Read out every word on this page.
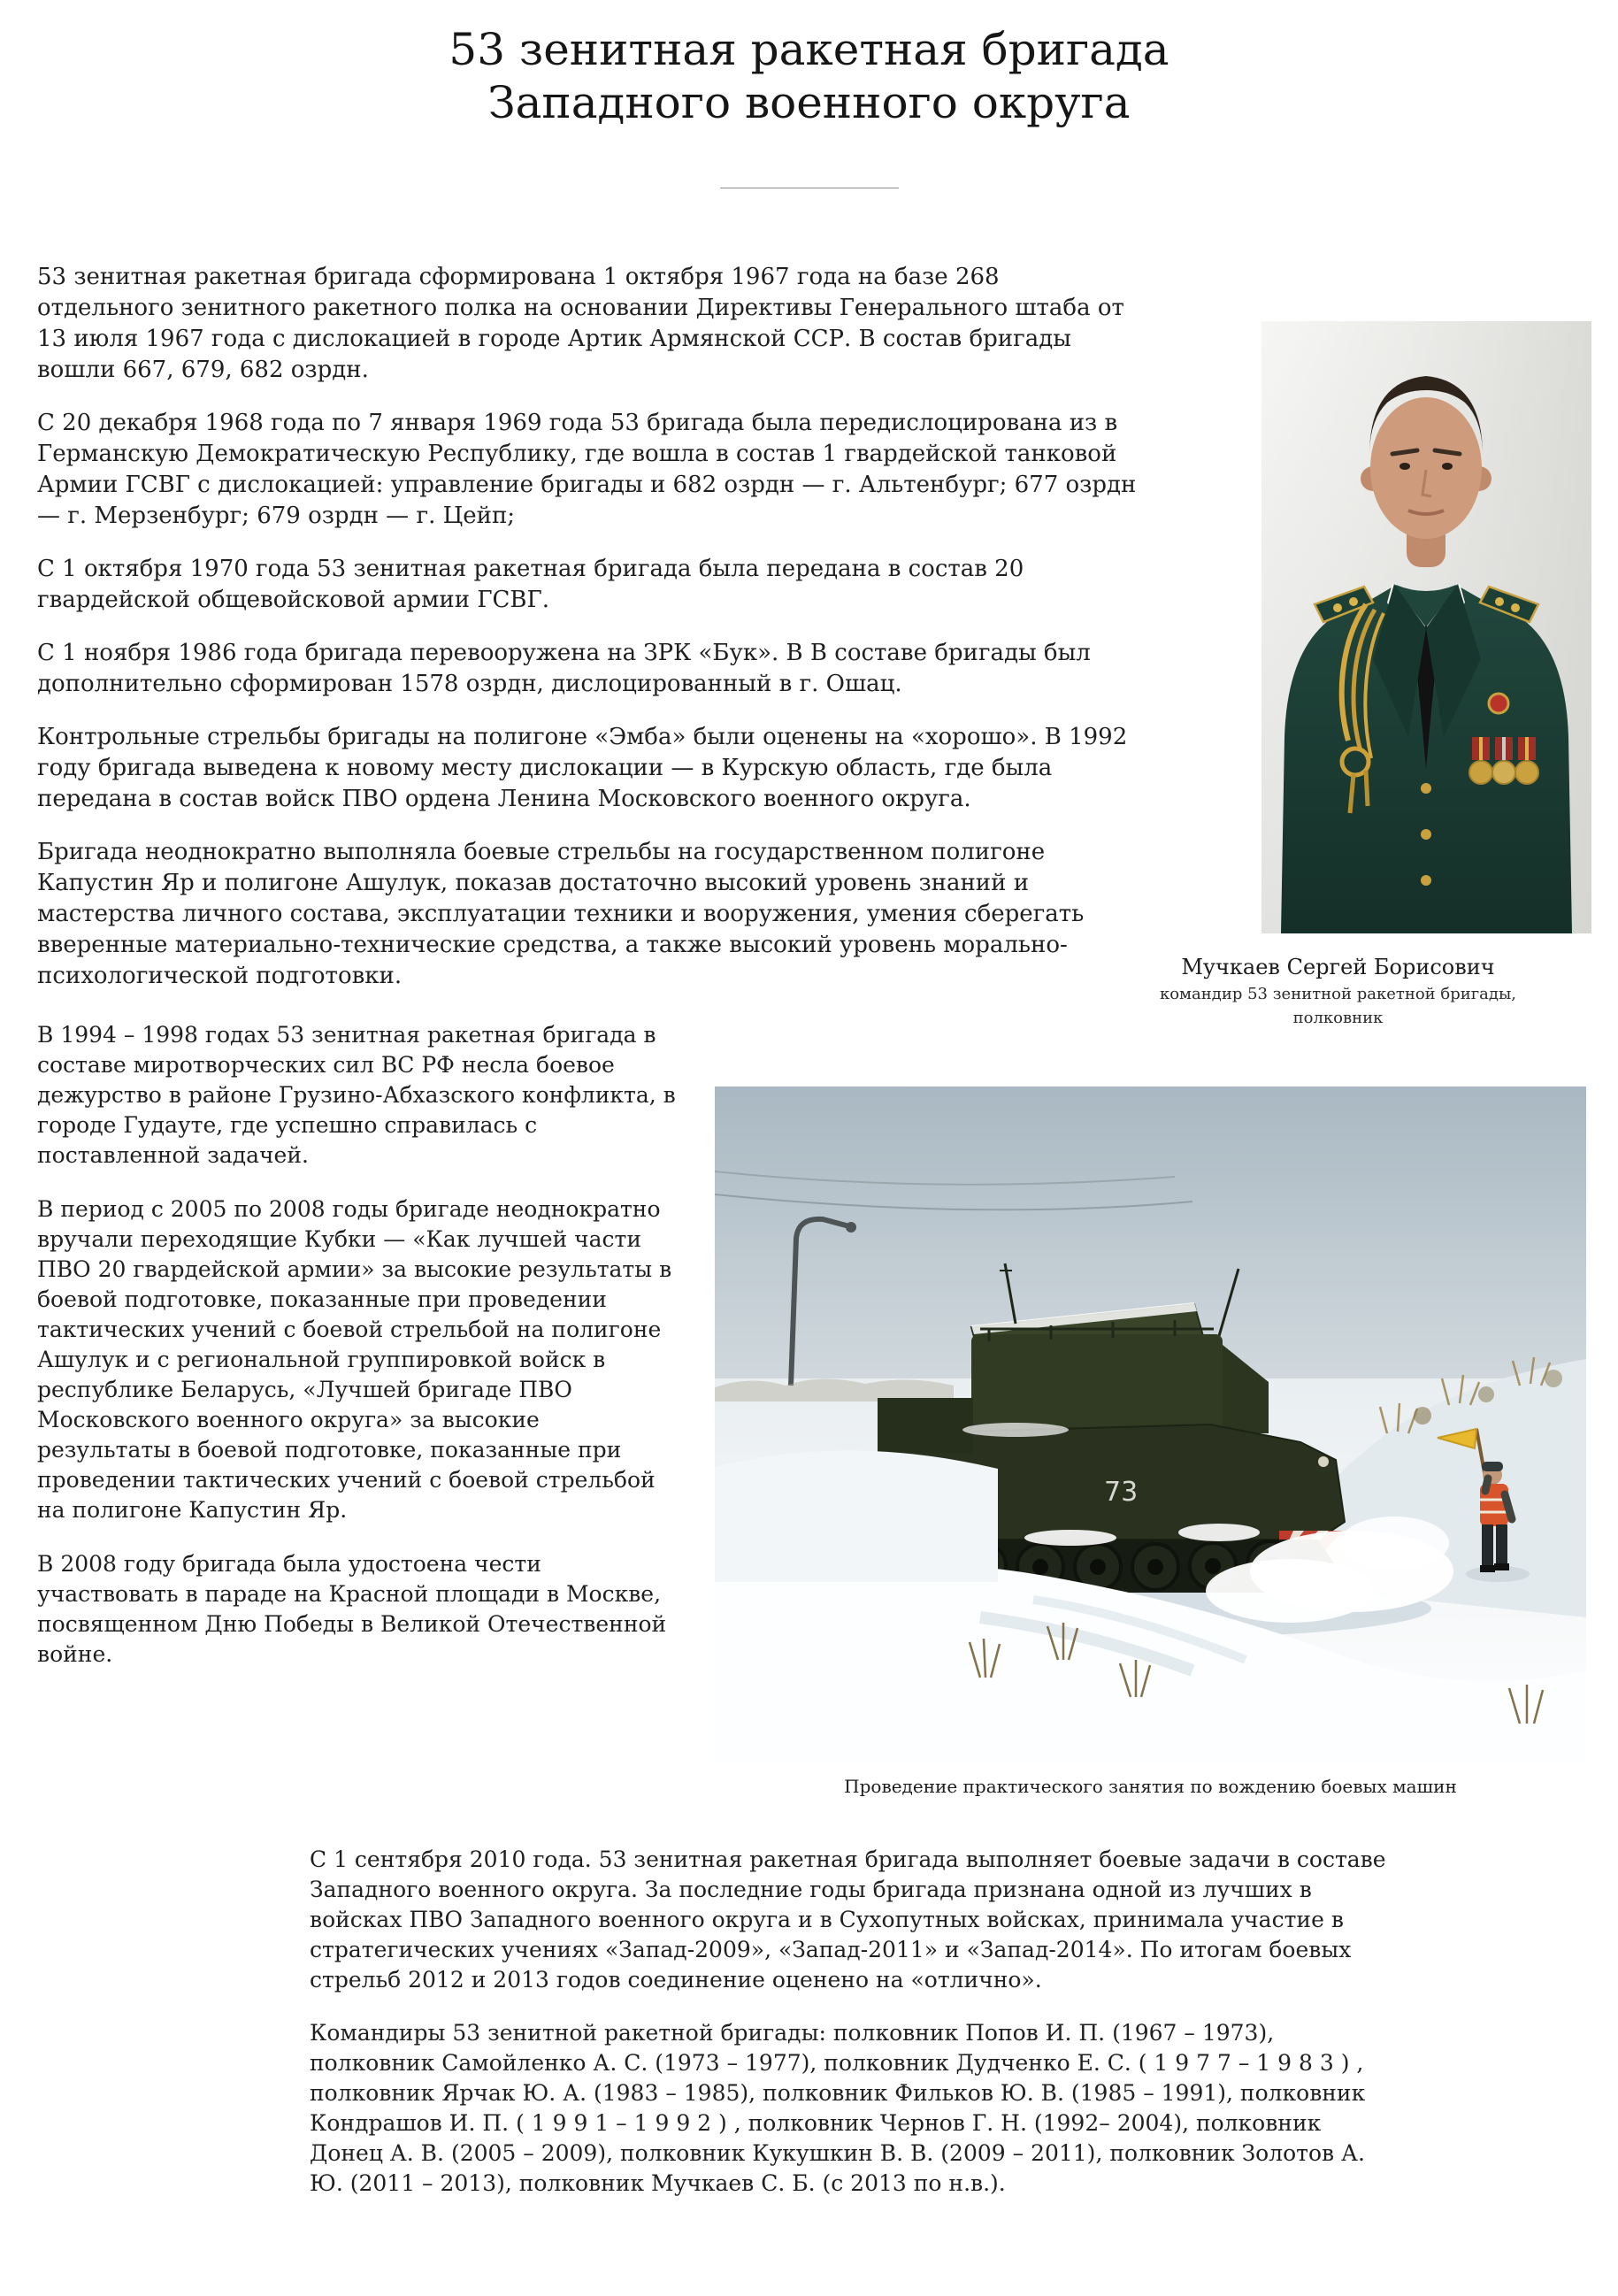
53 зенитная ракетная бригада
Западного военного округа

53 зенитная ракетная бригада сформирована 1 октября 1967 года на базе 268 отдельного зенитного ракетного полка на основании Директивы Генерального штаба от 13 июля 1967 года с дислокацией в городе Артик Армянской ССР. В состав бригады вошли 667, 679, 682 озрдн.

С 20 декабря 1968 года по 7 января 1969 года 53 бригада была передислоцирована из в Германскую Демократическую Республику, где вошла в состав 1 гвардейской танковой Армии ГСВГ с дислокацией: управление бригады и 682 озрдн — г. Альтенбург; 677 озрдн — г. Мерзенбург; 679 озрдн — г. Цейп;

С 1 октября 1970 года 53 зенитная ракетная бригада была передана в состав 20 гвардейской общевойсковой армии ГСВГ.

С 1 ноября 1986 года бригада перевооружена на ЗРК «Бук». В В составе бригады был дополнительно сформирован 1578 озрдн, дислоцированный в г. Ошац.

Контрольные стрельбы бригады на полигоне «Эмба» были оценены на «хорошо». В 1992 году бригада выведена к новому месту дислокации — в Курскую область, где была передана в состав войск ПВО ордена Ленина Московского военного округа.

Бригада неоднократно выполняла боевые стрельбы на государственном полигоне Капустин Яр и полигоне Ашулук, показав достаточно высокий уровень знаний и мастерства личного состава, эксплуатации техники и вооружения, умения сберегать вверенные материально-технические средства, а также высокий уровень морально-психологической подготовки.

В 1994 – 1998 годах 53 зенитная ракетная бригада в составе миротворческих сил ВС РФ несла боевое дежурство в районе Грузино-Абхазского конфликта, в городе Гудауте, где успешно справилась с поставленной задачей.

В период с 2005 по 2008 годы бригаде неоднократно вручали переходящие Кубки — «Как лучшей части ПВО 20 гвардейской армии» за высокие результаты в боевой подготовке, показанные при проведении тактических учений с боевой стрельбой на полигоне Ашулук и с региональной группировкой войск в республике Беларусь, «Лучшей бригаде ПВО Московского военного округа» за высокие результаты в боевой подготовке, показанные при проведении тактических учений с боевой стрельбой на полигоне Капустин Яр.

В 2008 году бригада была удостоена чести участвовать в параде на Красной площади в Москве, посвященном Дню Победы в Великой Отечественной войне.

Мучкаев Сергей Борисович
командир 53 зенитной ракетной бригады,
полковник
73
Проведение практического занятия по вождению боевых машин

С 1 сентября 2010 года. 53 зенитная ракетная бригада выполняет боевые задачи в составе Западного военного округа. За последние годы бригада признана одной из лучших в войсках ПВО Западного военного округа и в Сухопутных войсках, принимала участие в стратегических учениях «Запад-2009», «Запад-2011» и «Запад-2014». По итогам боевых стрельб 2012 и 2013 годов соединение оценено на «отлично».

Командиры 53 зенитной ракетной бригады: полковник Попов И. П. (1967 – 1973), полковник Самойленко А. С. (1973 – 1977), полковник Дудченко Е. С. ( 1 9 7 7 – 1 9 8 3 ) , полковник Ярчак Ю. А. (1983 – 1985), полковник Фильков Ю. В. (1985 – 1991), полковник Кондрашов И. П. ( 1 9 9 1 – 1 9 9 2 ) , полковник Чернов Г. Н. (1992– 2004), полковник Донец А. В. (2005 – 2009), полковник Кукушкин В. В. (2009 – 2011), полковник Золотов А. Ю. (2011 – 2013), полковник Мучкаев С. Б. (с 2013 по н.в.).
